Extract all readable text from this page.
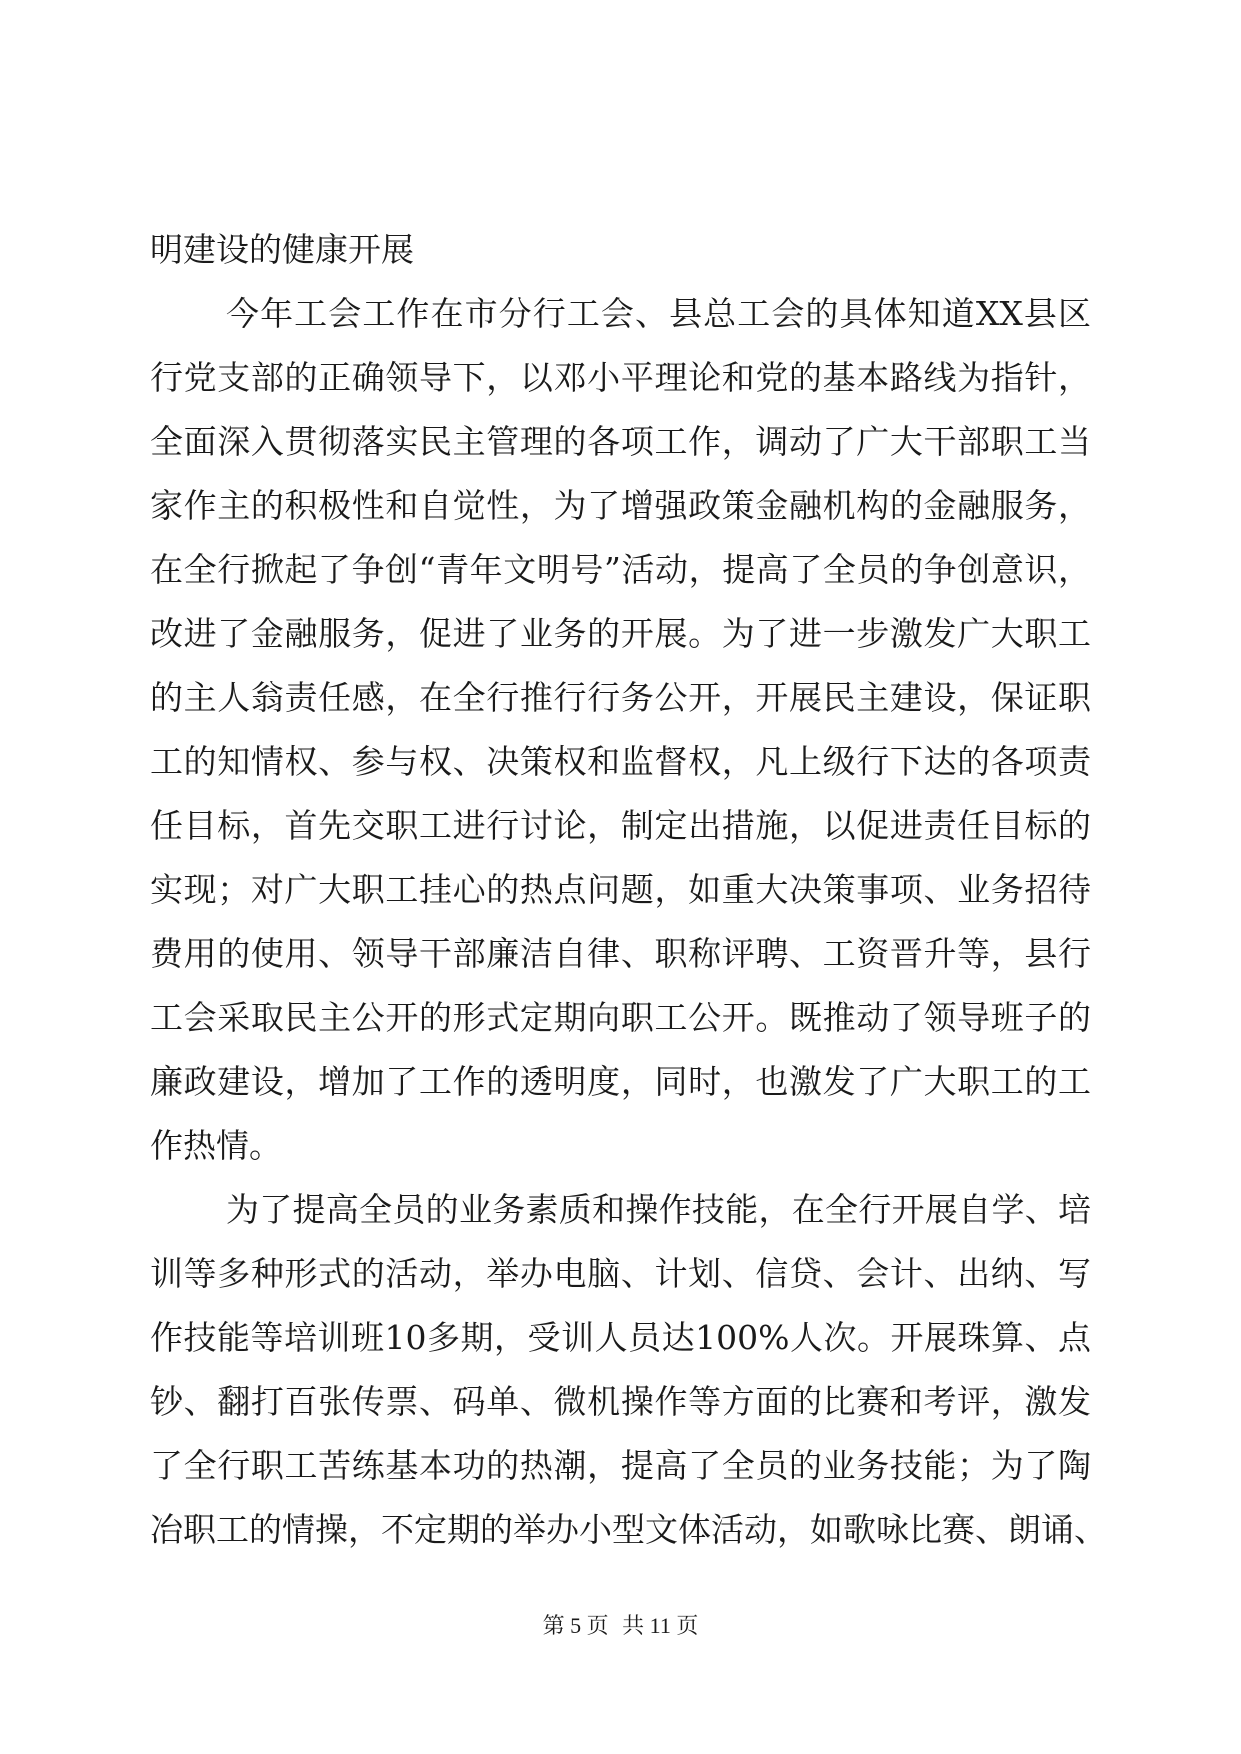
明建设的健康开展
今年工会工作在市分行工会、县总工会的具体知道XX县区
行党支部的正确领导下，以邓小平理论和党的基本路线为指针，
全面深入贯彻落实民主管理的各项工作，调动了广大干部职工当
家作主的积极性和自觉性，为了增强政策金融机构的金融服务，
在全行掀起了争创“青年文明号”活动，提高了全员的争创意识，
改进了金融服务，促进了业务的开展。为了进一步激发广大职工
的主人翁责任感，在全行推行行务公开，开展民主建设，保证职
工的知情权、参与权、决策权和监督权，凡上级行下达的各项责
任目标，首先交职工进行讨论，制定出措施，以促进责任目标的
实现；对广大职工挂心的热点问题，如重大决策事项、业务招待
费用的使用、领导干部廉洁自律、职称评聘、工资晋升等，县行
工会采取民主公开的形式定期向职工公开。既推动了领导班子的
廉政建设，增加了工作的透明度，同时，也激发了广大职工的工
作热情。
为了提高全员的业务素质和操作技能，在全行开展自学、培
训等多种形式的活动，举办电脑、计划、信贷、会计、出纳、写
作技能等培训班10多期，受训人员达100%人次。开展珠算、点
钞、翻打百张传票、码单、微机操作等方面的比赛和考评，激发
了全行职工苦练基本功的热潮，提高了全员的业务技能；为了陶
冶职工的情操，不定期的举办小型文体活动，如歌咏比赛、朗诵、
第 5 页 共 11 页
